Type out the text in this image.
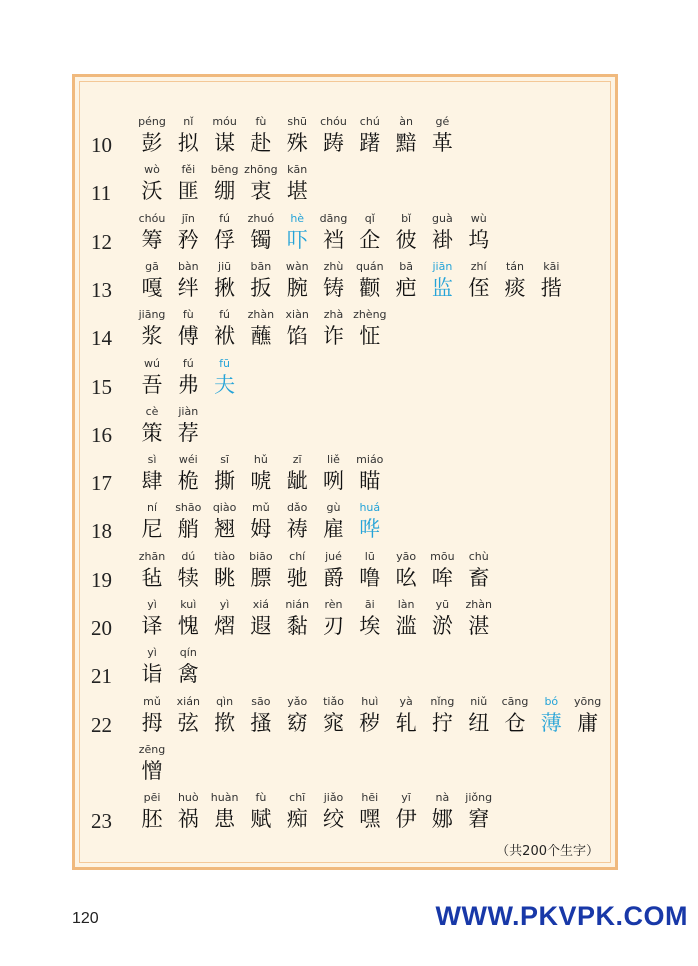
10
péng
彭
nǐ
拟
móu
谋
fù
赴
shū
殊
chóu
踌
chú
躇
àn
黯
gé
革
11
wò
沃
fěi
匪
bēng
绷
zhōng
衷
kān
堪
12
chóu
筹
jīn
矜
fú
俘
zhuó
镯
hè
吓
dāng
裆
qǐ
企
bǐ
彼
guà
褂
wù
坞
13
gā
嘎
bàn
绊
jiū
揪
bān
扳
wàn
腕
zhù
铸
quán
颧
bā
疤
jiān
监
zhí
侄
tán
痰
kāi
揩
14
jiāng
浆
fù
傅
fú
袱
zhàn
蘸
xiàn
馅
zhà
诈
zhèng
怔
15
wú
吾
fú
弗
fū
夫
16
cè
策
jiàn
荐
17
sì
肆
wéi
桅
sī
撕
hǔ
唬
zī
龇
liě
咧
miáo
瞄
18
ní
尼
shāo
艄
qiào
翘
mǔ
姆
dǎo
祷
gù
雇
huá
哗
19
zhān
毡
dú
犊
tiào
眺
biāo
膘
chí
驰
jué
爵
lū
噜
yāo
吆
mōu
哞
chù
畜
20
yì
译
kuì
愧
yì
熠
xiá
遐
nián
黏
rèn
刃
āi
埃
làn
滥
yū
淤
zhàn
湛
21
yì
诣
qín
禽
22
mǔ
拇
xián
弦
qìn
揿
sāo
搔
yǎo
窈
tiǎo
窕
huì
秽
yà
轧
nǐng
拧
niǔ
纽
cāng
仓
bó
薄
yōng
庸
zēng
憎
23
pēi
胚
huò
祸
huàn
患
fù
赋
chī
痴
jiǎo
绞
hēi
嘿
yī
伊
nà
娜
jiǒng
窘
（共200个生字）
120	WWW.PKVPK.COM
